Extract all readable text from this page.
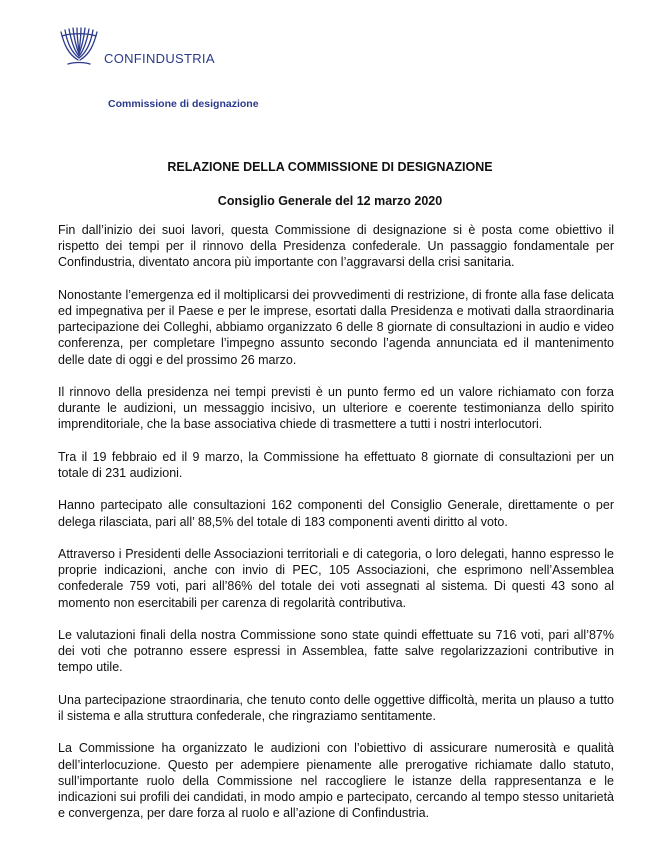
CONFINDUSTRIA

Commissione di designazione

RELAZIONE DELLA COMMISSIONE DI DESIGNAZIONE
Consiglio Generale del 12 marzo 2020

Fin dall’inizio dei suoi lavori, questa Commissione di designazione si è posta come obiettivo il rispetto dei tempi per il rinnovo della Presidenza confederale. Un passaggio fondamentale per Confindustria, diventato ancora più importante con l’aggravarsi della crisi sanitaria.

Nonostante l’emergenza ed il moltiplicarsi dei provvedimenti di restrizione, di fronte alla fase delicata ed impegnativa per il Paese e per le imprese, esortati dalla Presidenza e motivati dalla straordinaria partecipazione dei Colleghi, abbiamo organizzato 6 delle 8 giornate di consultazioni in audio e video conferenza, per completare l’impegno assunto secondo l’agenda annunciata ed il mantenimento delle date di oggi e del prossimo 26 marzo.

Il rinnovo della presidenza nei tempi previsti è un punto fermo ed un valore richiamato con forza durante le audizioni, un messaggio incisivo, un ulteriore e coerente testimonianza dello spirito imprenditoriale, che la base associativa chiede di trasmettere a tutti i nostri interlocutori.

Tra il 19 febbraio ed il 9 marzo, la Commissione ha effettuato 8 giornate di consultazioni per un totale di 231 audizioni.

Hanno partecipato alle consultazioni 162 componenti del Consiglio Generale, direttamente o per delega rilasciata, pari all’ 88,5% del totale di 183 componenti aventi diritto al voto.

Attraverso i Presidenti delle Associazioni territoriali e di categoria, o loro delegati, hanno espresso le proprie indicazioni, anche con invio di PEC, 105 Associazioni, che esprimono nell’Assemblea confederale 759 voti, pari all’86% del totale dei voti assegnati al sistema. Di questi 43 sono al momento non esercitabili per carenza di regolarità contributiva.

Le valutazioni finali della nostra Commissione sono state quindi effettuate su 716 voti, pari all’87% dei voti che potranno essere espressi in Assemblea, fatte salve regolarizzazioni contributive in tempo utile.

Una partecipazione straordinaria, che tenuto conto delle oggettive difficoltà, merita un plauso a tutto il sistema e alla struttura confederale, che ringraziamo sentitamente.

La Commissione ha organizzato le audizioni con l’obiettivo di assicurare numerosità e qualità dell’interlocuzione. Questo per adempiere pienamente alle prerogative richiamate dallo statuto, sull’importante ruolo della Commissione nel raccogliere le istanze della rappresentanza e le indicazioni sui profili dei candidati, in modo ampio e partecipato, cercando al tempo stesso unitarietà e convergenza, per dare forza al ruolo e all’azione di Confindustria.
